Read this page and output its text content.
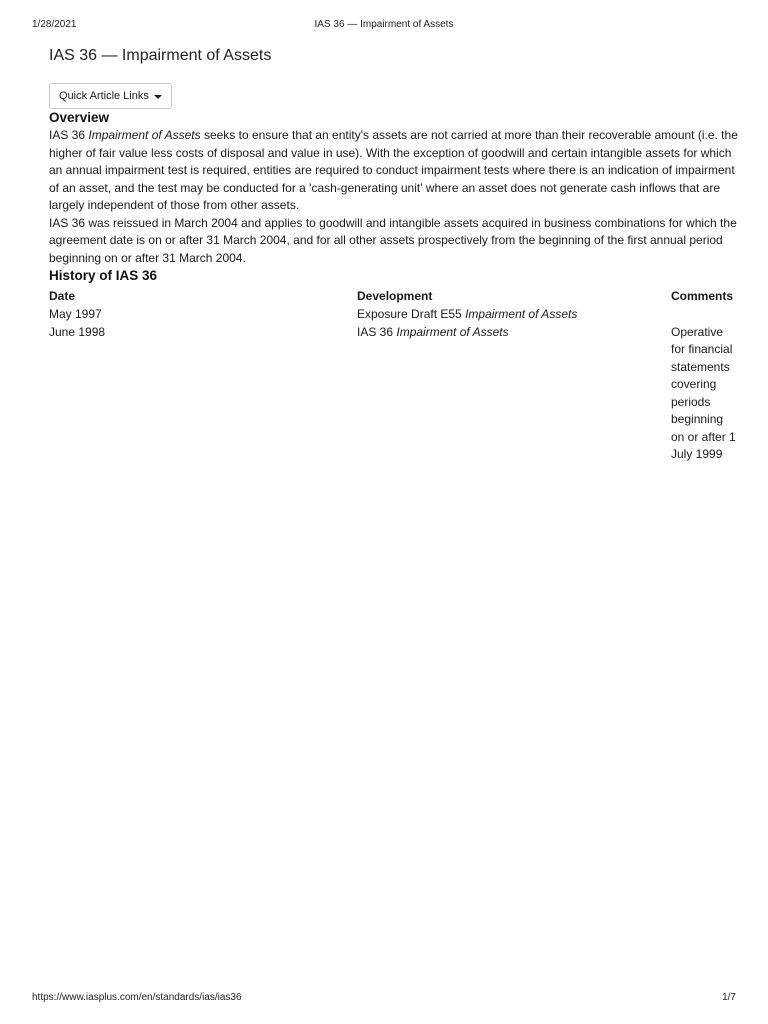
1/28/2021	IAS 36 — Impairment of Assets
IAS 36 — Impairment of Assets
Quick Article Links
Overview

IAS 36 Impairment of Assets seeks to ensure that an entity's assets are not carried at more than their recoverable amount (i.e. the higher of fair value less costs of disposal and value in use). With the exception of goodwill and certain intangible assets for which an annual impairment test is required, entities are required to conduct impairment tests where there is an indication of impairment of an asset, and the test may be conducted for a 'cash-generating unit' where an asset does not generate cash inflows that are largely independent of those from other assets.

IAS 36 was reissued in March 2004 and applies to goodwill and intangible assets acquired in business combinations for which the agreement date is on or after 31 March 2004, and for all other assets prospectively from the beginning of the first annual period beginning on or after 31 March 2004.

History of IAS 36
Date	Development	Comments
May 1997	Exposure Draft E55 Impairment of Assets	
June 1998	IAS 36 Impairment of Assets	Operative for financial statements covering periods beginning on or after 1 July 1999
https://www.iasplus.com/en/standards/ias/ias36	1/7
